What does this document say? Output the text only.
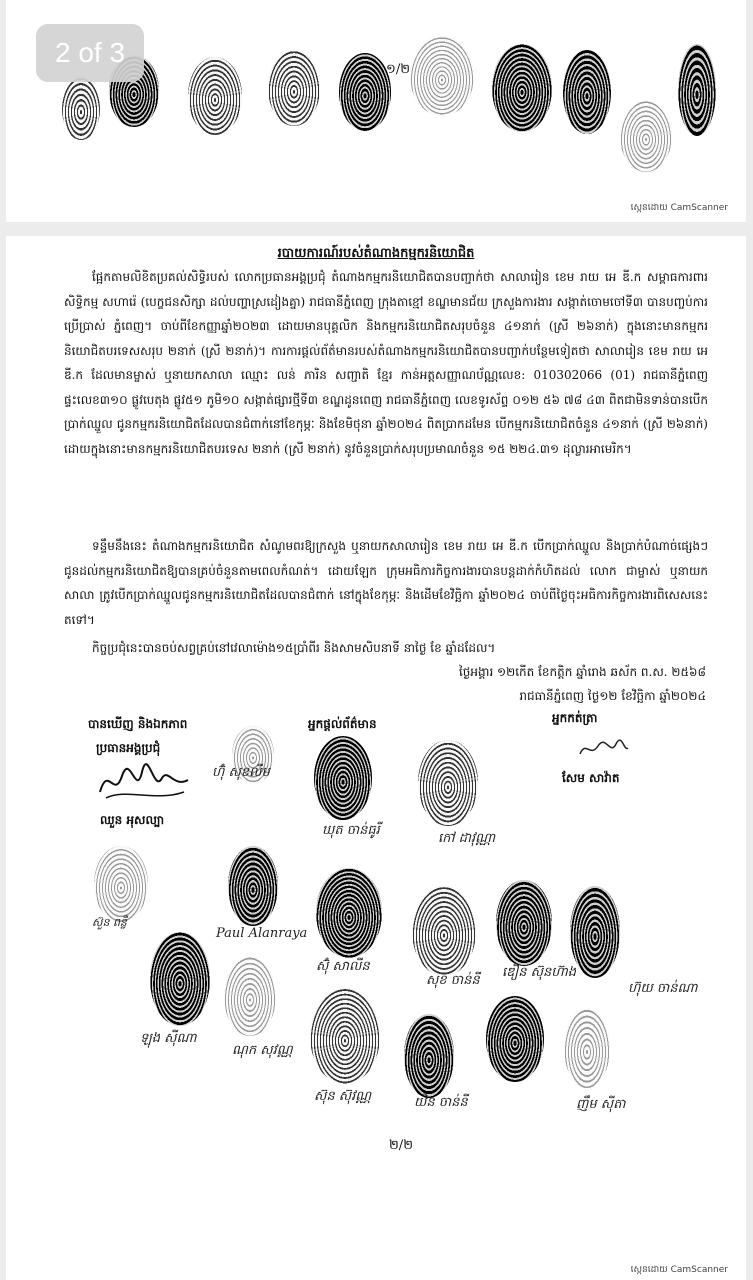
១/២
ស្កេនដោយ CamScanner
2 of 3
របាយការណ៍របស់តំណាងកម្មករនិយោជិត
ផ្អែកតាមលិខិតប្រគល់សិទ្ធិរបស់ លោកប្រធានអង្គប្រជុំ តំណាងកម្មករនិយោជិតបានបញ្ជាក់ថា សាលារៀន ខេម រាយ អេ ឌី.ក សម្ពាធការពារសិទ្ធិកម្ម សហារ៉េ (បេក្ខជនសិក្សា ដល់បញ្ហាស្រដៀងគ្នា) រាជធានីភ្នំពេញ ក្រុងតាខ្មៅ ខណ្ឌមានជ័យ ក្រសួងការងារ សង្កាត់ចោមចៅទី៣ បានបញ្ចប់ការប្រើប្រាស់ ភ្នំពេញ។ ចាប់ពីខែកញ្ញាឆ្នាំ២០២៣ ដោយមានបុគ្គលិក និងកម្មករនិយោជិតសរុបចំនួន ៤១នាក់ (ស្រី ២៦នាក់) ក្នុងនោះមានកម្មករនិយោជិតបរទេសសរុប ២នាក់ (ស្រី ២នាក់)។ ការការផ្តល់ព័ត៌មានរបស់តំណាងកម្មករនិយោជិតបានបញ្ជាក់បន្ថែមទៀតថា សាលារៀន ខេម រាយ អេ ឌី.ក ដែលមានម្ចាស់ ឬនាយកសាលា ឈ្មោះ លន់ ភារិន សញ្ជាតិ ខ្មែរ កាន់អត្តសញ្ញាណប័ណ្ណលេខ: 010302066 (01) រាជធានីភ្នំពេញ ផ្ទះលេខ៣១០ ផ្លូវបេតុង ផ្លូវ៥១ ភូមិ១០ សង្កាត់ផ្សារថ្មីទី៣ ខណ្ឌដូនពេញ រាជធានីភ្នំពេញ លេខទូរស័ព្ទ ០១២ ៥៦ ៧៨ ៤៣ ពិតជាមិនទាន់បានបើកប្រាក់ឈ្នួល ជូនកម្មករនិយោជិតដែលបានជំពាក់នៅខែកុម្ភៈ និងខែមិថុនា ឆ្នាំ២០២៤ ពិតប្រាកដមែន បើកម្មករនិយោជិតចំនួន ៤១នាក់ (ស្រី ២៦នាក់) ដោយក្នុងនោះមានកម្មករនិយោជិតបរទេស ២នាក់ (ស្រី ២នាក់) នូវចំនួនប្រាក់សរុបប្រមាណចំនួន ១៥ ២២៤.៣១ ដុល្លារអាមេរិក។
ទន្ទឹមនឹងនេះ តំណាងកម្មករនិយោជិត សំណូមពរឱ្យក្រសួង ឬនាយកសាលារៀន ខេម រាយ អេ ឌី.ក បើកប្រាក់ឈ្នួល និងប្រាក់បំណាច់ផ្សេងៗ ជូនដល់កម្មករនិយោជិតឱ្យបានគ្រប់ចំនួនតាមពេលកំណត់។ ដោយឡែក ក្រុមអធិការកិច្ចការងារបានបន្តដាក់កំហិតដល់ លោក ជាម្ចាស់ ឬនាយកសាលា ត្រូវបើកប្រាក់ឈ្នួលជូនកម្មករនិយោជិតដែលបានជំពាក់ នៅក្នុងខែកុម្ភៈ និងដើមខែវិច្ឆិកា ឆ្នាំ២០២៤ ចាប់ពីថ្ងៃចុះអធិការកិច្ចការងារពិសេសនេះ តទៅ។
កិច្ចប្រជុំនេះបានចប់សព្វគ្រប់នៅវេលាម៉ោង១៥ប្រាំពីរ និងសាមសិបនាទី នាថ្ងៃ ខែ ឆ្នាំដដែល។
ថ្ងៃអង្គារ ១២កើត ខែកត្តិក ឆ្នាំរោង ឆស័ក ព.ស. ២៥៦៨
រាជធានីភ្នំពេញ ថ្ងៃ១២ ខែវិច្ឆិកា ឆ្នាំ២០២៤
បានឃើញ និងឯកភាព
ប្រធានអង្គប្រជុំ
អ្នកផ្តល់ព័ត៌មាន	អ្នកកត់ត្រា
ឈួន អុសល្បា
សែម សាវ៉ាត
ហ៊ុំ សុខលីម
ឃុត ចាន់ធូរី
កៅ ដាវុណ្ណា
ស៊ួន ពន្លឺ
Paul Alanraya
ស៊ុំ សាលីន
សុខ ចាន់នី
ឌឿន ស៊ុនហ៊ាង
ហ៊ុយ ចាន់ណា
ឡុង ស៊ីណា
ណុក សុវណ្ណ
ស៊ុន ស៊ុវណ្ណ	យិន ចាន់នី	ញឹម ស៊ីតា
២/២
ស្កេនដោយ CamScanner
